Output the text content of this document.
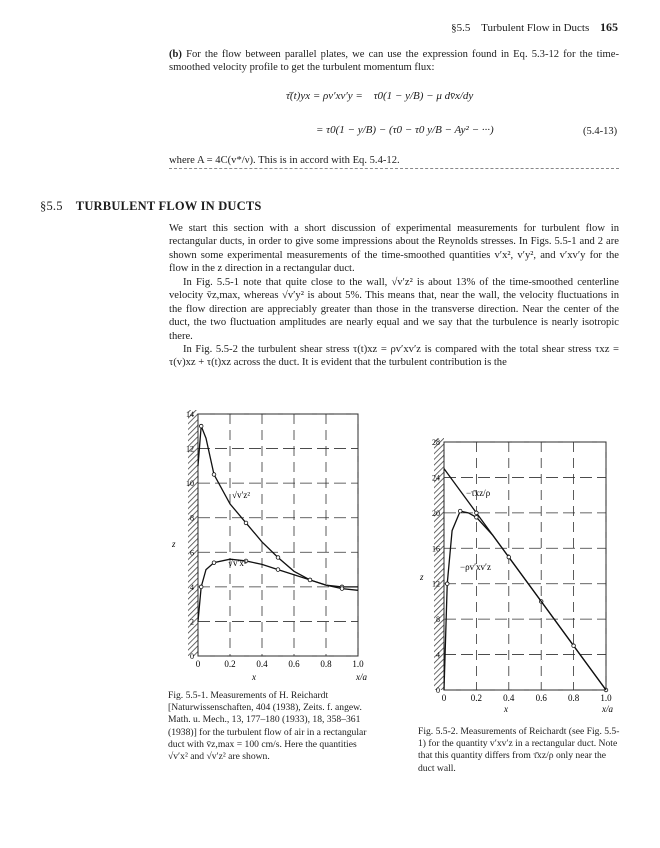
§5.5 Turbulent Flow in Ducts 165

(b) For the flow between parallel plates, we can use the expression found in Eq. 5.3-12 for the time-smoothed velocity profile to get the turbulent momentum flux:

τ̄(t)yx = ρv′xv′y = τ0(1 − y/B) − μ dv̄x/dy
= τ0(1 − y/B) − (τ0 − τ0 y/B − Ay² − ···)	(5.4-13)

where A = 4C(v*/ν). This is in accord with Eq. 5.4-12.

§5.5 TURBULENT FLOW IN DUCTS

We start this section with a short discussion of experimental measurements for turbulent flow in rectangular ducts, in order to give some impressions about the Reynolds stresses. In Figs. 5.5-1 and 2 are shown some experimental measurements of the time-smoothed quantities v′x², v′y², and v′xv′y for the flow in the z direction in a rectangular duct.

In Fig. 5.5-1 note that quite close to the wall, √v′z² is about 13% of the time-smoothed centerline velocity v̄z,max, whereas √v′y² is about 5%. This means that, near the wall, the velocity fluctuations in the flow direction are appreciably greater than those in the transverse direction. Near the center of the duct, the two fluctuation amplitudes are nearly equal and we say that the turbulence is nearly isotropic there.

In Fig. 5.5-2 the turbulent shear stress τ(t)xz = ρv′xv′z is compared with the total shear stress τxz = τ(v)xz + τ(t)xz across the duct. It is evident that the turbulent contribution is the

14
12
10
8
6
4
2
0
0	0.2 0.4 0.6 0.8 1.0
√v′z²
√v′x²
z
x	x/a

Fig. 5.5-1. Measurements of H. Reichardt [Naturwissenschaften, 404 (1938), Zeits. f. angew. Math. u. Mech., 13, 177–180 (1933), 18, 358–361 (1938)] for the turbulent flow of air in a rectangular duct with v̄z,max = 100 cm/s. Here the quantities √v′x² and √v′z² are shown.

28
24
20
16
12
8
4
0
0	0.2 0.4 0.6 0.8 1.0
−τ̄xz/ρ
−ρv′xv′z
z
x	x/a

Fig. 5.5-2. Measurements of Reichardt (see Fig. 5.5-1) for the quantity v′xv′z in a rectangular duct. Note that this quantity differs from τ̄xz/ρ only near the duct wall.
